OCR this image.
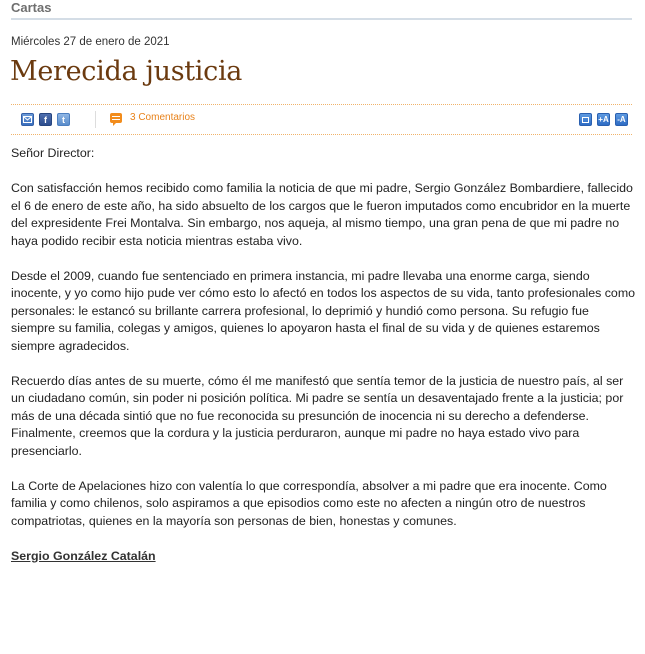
Cartas
Miércoles 27 de enero de 2021
Merecida justicia
f	t	3 Comentarios	+A -A

Señor Director:

Con satisfacción hemos recibido como familia la noticia de que mi padre, Sergio González Bombardiere, fallecido el 6 de enero de este año, ha sido absuelto de los cargos que le fueron imputados como encubridor en la muerte del expresidente Frei Montalva. Sin embargo, nos aqueja, al mismo tiempo, una gran pena de que mi padre no haya podido recibir esta noticia mientras estaba vivo.

Desde el 2009, cuando fue sentenciado en primera instancia, mi padre llevaba una enorme carga, siendo inocente, y yo como hijo pude ver cómo esto lo afectó en todos los aspectos de su vida, tanto profesionales como personales: le estancó su brillante carrera profesional, lo deprimió y hundió como persona. Su refugio fue siempre su familia, colegas y amigos, quienes lo apoyaron hasta el final de su vida y de quienes estaremos siempre agradecidos.

Recuerdo días antes de su muerte, cómo él me manifestó que sentía temor de la justicia de nuestro país, al ser un ciudadano común, sin poder ni posición política. Mi padre se sentía un desaventajado frente a la justicia; por más de una década sintió que no fue reconocida su presunción de inocencia ni su derecho a defenderse. Finalmente, creemos que la cordura y la justicia perduraron, aunque mi padre no haya estado vivo para presenciarlo.

La Corte de Apelaciones hizo con valentía lo que correspondía, absolver a mi padre que era inocente. Como familia y como chilenos, solo aspiramos a que episodios como este no afecten a ningún otro de nuestros compatriotas, quienes en la mayoría son personas de bien, honestas y comunes.

Sergio González Catalán
